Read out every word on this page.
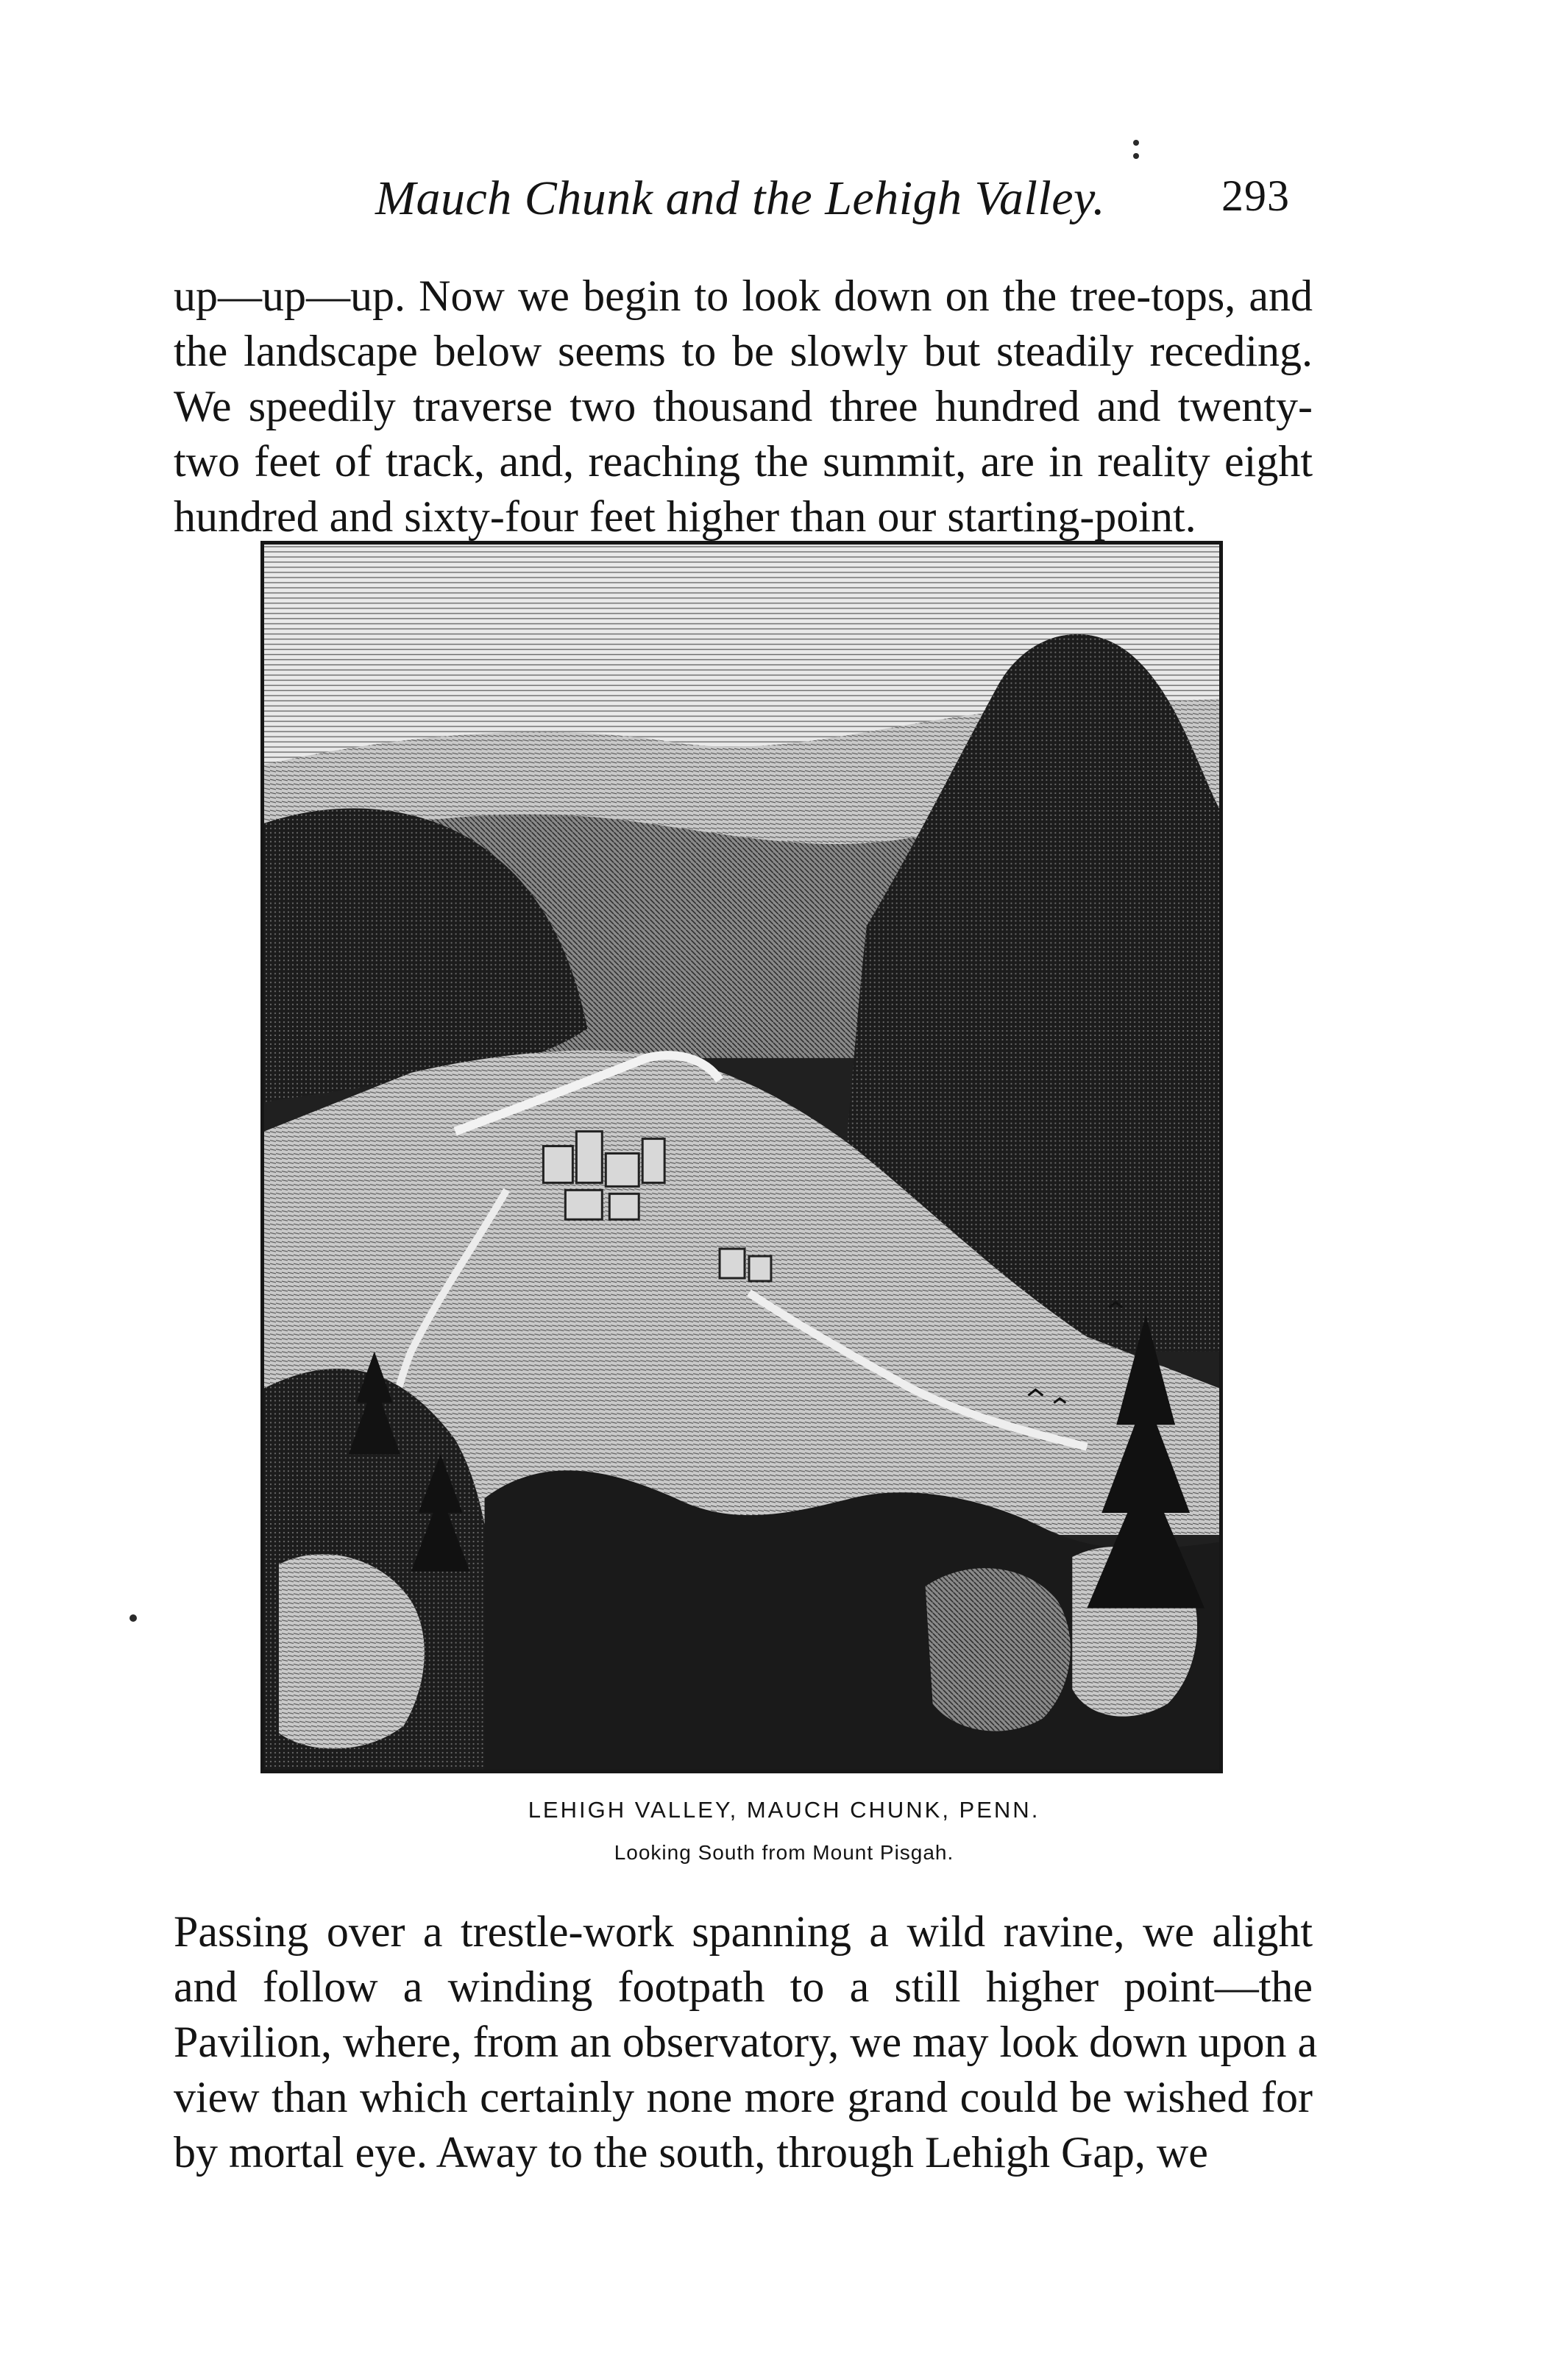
Mauch Chunk and the Lehigh Valley.	293
up—up—up. Now we begin to look down on the tree-tops, and
the landscape below seems to be slowly but steadily receding.
We speedily traverse two thousand three hundred and twenty-
two feet of track, and, reaching the summit, are in reality eight
hundred and sixty-four feet higher than our starting-point.
LEHIGH VALLEY, MAUCH CHUNK, PENN.
Looking South from Mount Pisgah.
Passing over a trestle-work spanning a wild ravine, we alight
and follow a winding footpath to a still higher point—the
Pavilion, where, from an observatory, we may look down upon a
view than which certainly none more grand could be wished for
by mortal eye. Away to the south, through Lehigh Gap, we
